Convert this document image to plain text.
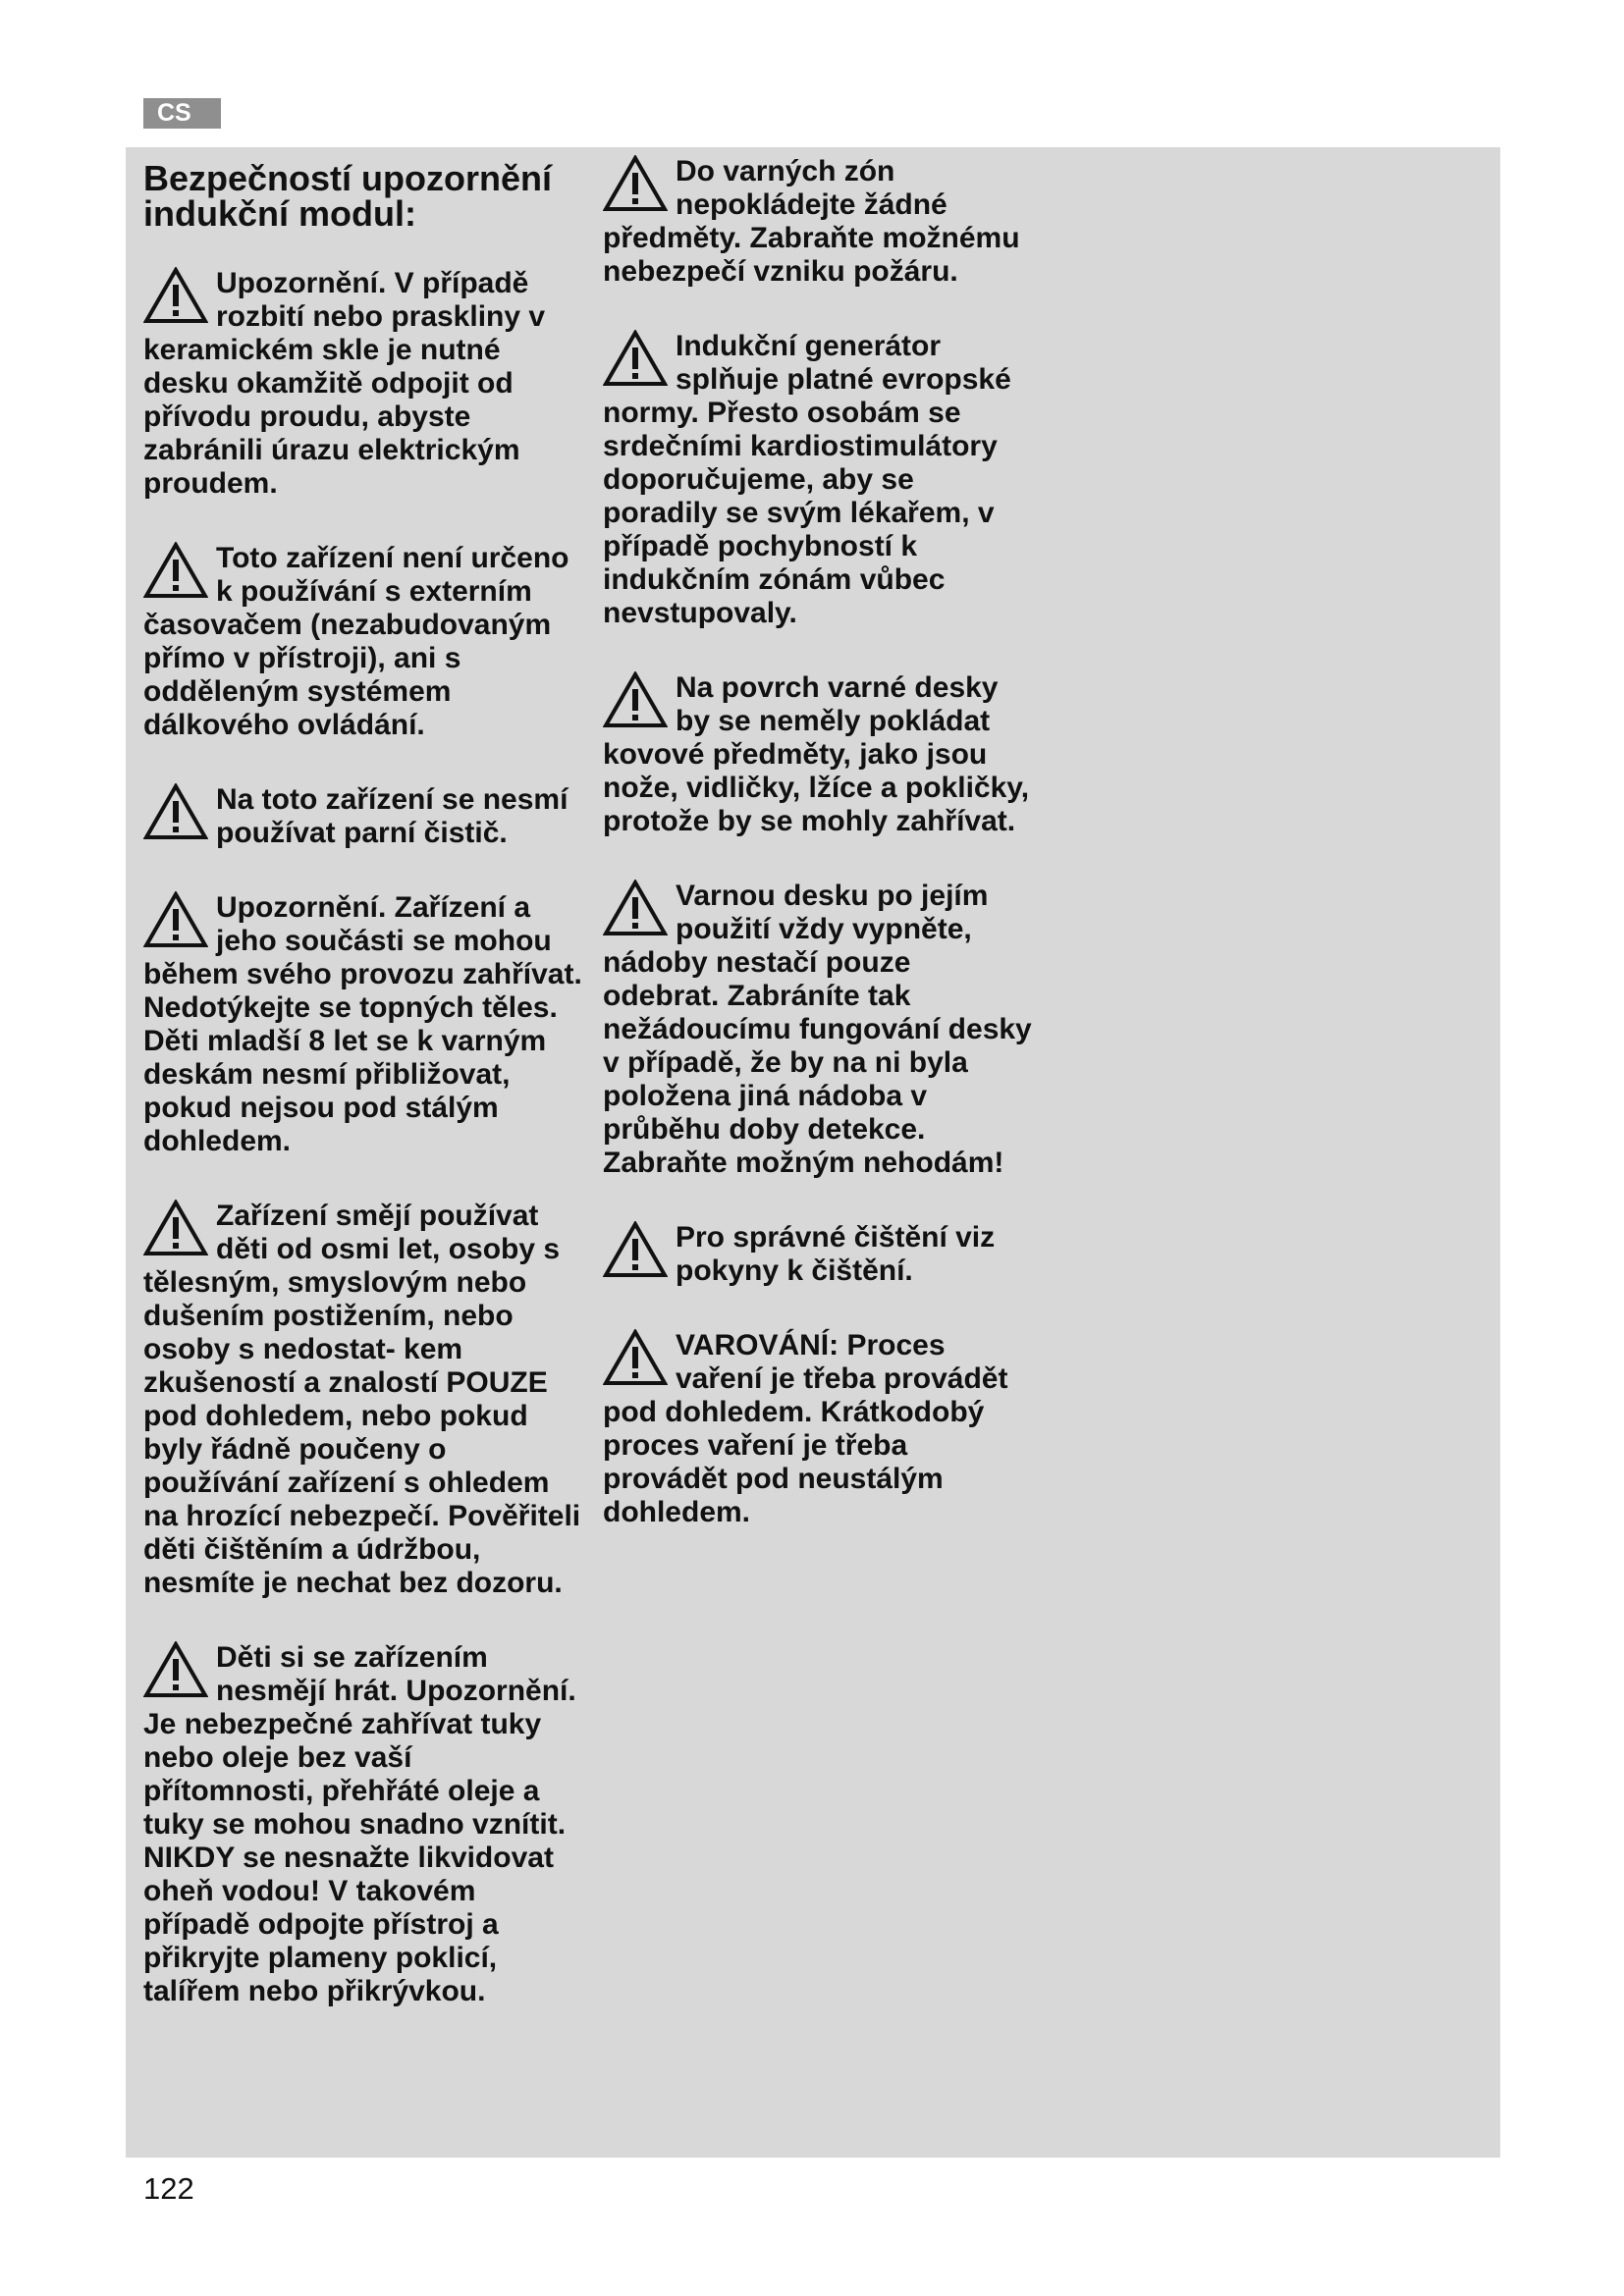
CS
Bezpečností upozornění indukční modul:

Upozornění. V případě rozbití nebo praskliny v keramickém skle je nutné desku okamžitě odpojit od přívodu proudu, abyste zabránili úrazu elektrickým proudem.

Toto zařízení není určeno k používání s externím časovačem (nezabudovaným přímo v přístroji), ani s odděleným systémem dálkového ovládání.

Na toto zařízení se nesmí používat parní čistič.

Upozornění. Zařízení a jeho součásti se mohou během svého provozu zahřívat. Nedotýkejte se topných těles. Děti mladší 8 let se k varným deskám nesmí přibližovat, pokud nejsou pod stálým dohledem.

Zařízení smějí používat děti od osmi let, osoby s tělesným, smyslovým nebo dušením postižením, nebo osoby s nedostat- kem zkušeností a znalostí POUZE pod dohledem, nebo pokud byly řádně poučeny o používání zařízení s ohledem na hrozící nebezpečí. Pověřiteli děti čištěním a údržbou, nesmíte je nechat bez dozoru.

Děti si se zařízením nesmějí hrát. Upozornění. Je nebezpečné zahřívat tuky nebo oleje bez vaší přítomnosti, přehřáté oleje a tuky se mohou snadno vznítit. NIKDY se nesnažte likvidovat oheň vodou! V takovém případě odpojte přístroj a přikryjte plameny poklicí, talířem nebo přikrývkou.

Do varných zón nepokládejte žádné předměty. Zabraňte možnému nebezpečí vzniku požáru.

Indukční generátor splňuje platné evropské normy. Přesto osobám se srdečními kardiostimulátory doporučujeme, aby se poradily se svým lékařem, v případě pochybností k indukčním zónám vůbec nevstupovaly.

Na povrch varné desky by se neměly pokládat kovové předměty, jako jsou nože, vidličky, lžíce a pokličky, protože by se mohly zahřívat.

Varnou desku po jejím použití vždy vypněte, nádoby nestačí pouze odebrat. Zabráníte tak nežádoucímu fungování desky v případě, že by na ni byla položena jiná nádoba v průběhu doby detekce. Zabraňte možným nehodám!

Pro správné čištění viz pokyny k čištění.

VAROVÁNÍ: Proces vaření je třeba provádět pod dohledem. Krátkodobý proces vaření je třeba provádět pod neustálým dohledem.

122
